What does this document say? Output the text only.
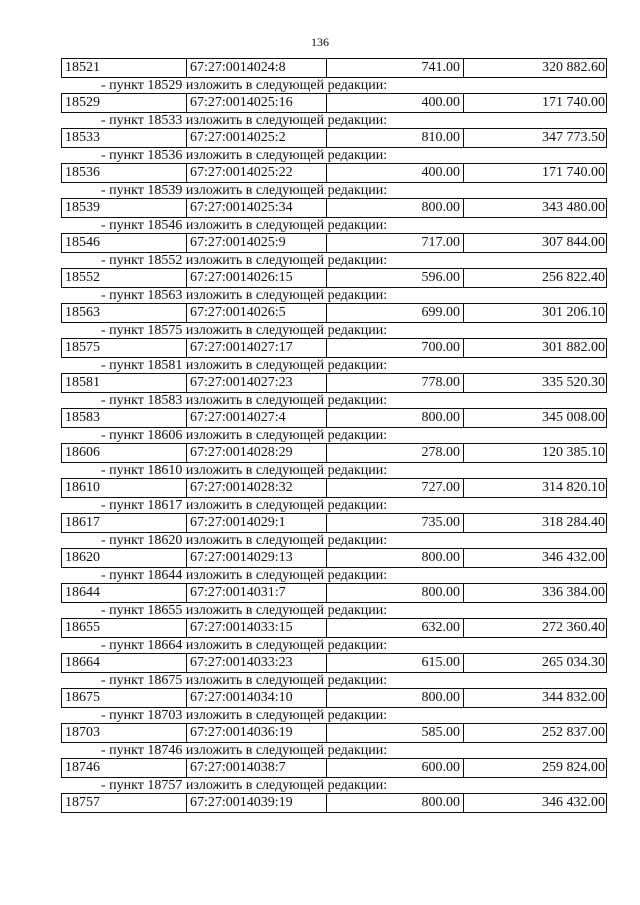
136
18521	67:27:0014024:8	741.00	320 882.60
- пункт 18529 изложить в следующей редакции:
18529	67:27:0014025:16	400.00	171 740.00
- пункт 18533 изложить в следующей редакции:
18533	67:27:0014025:2	810.00	347 773.50
- пункт 18536 изложить в следующей редакции:
18536	67:27:0014025:22	400.00	171 740.00
- пункт 18539 изложить в следующей редакции:
18539	67:27:0014025:34	800.00	343 480.00
- пункт 18546 изложить в следующей редакции:
18546	67:27:0014025:9	717.00	307 844.00
- пункт 18552 изложить в следующей редакции:
18552	67:27:0014026:15	596.00	256 822.40
- пункт 18563 изложить в следующей редакции:
18563	67:27:0014026:5	699.00	301 206.10
- пункт 18575 изложить в следующей редакции:
18575	67:27:0014027:17	700.00	301 882.00
- пункт 18581 изложить в следующей редакции:
18581	67:27:0014027:23	778.00	335 520.30
- пункт 18583 изложить в следующей редакции:
18583	67:27:0014027:4	800.00	345 008.00
- пункт 18606 изложить в следующей редакции:
18606	67:27:0014028:29	278.00	120 385.10
- пункт 18610 изложить в следующей редакции:
18610	67:27:0014028:32	727.00	314 820.10
- пункт 18617 изложить в следующей редакции:
18617	67:27:0014029:1	735.00	318 284.40
- пункт 18620 изложить в следующей редакции:
18620	67:27:0014029:13	800.00	346 432.00
- пункт 18644 изложить в следующей редакции:
18644	67:27:0014031:7	800.00	336 384.00
- пункт 18655 изложить в следующей редакции:
18655	67:27:0014033:15	632.00	272 360.40
- пункт 18664 изложить в следующей редакции:
18664	67:27:0014033:23	615.00	265 034.30
- пункт 18675 изложить в следующей редакции:
18675	67:27:0014034:10	800.00	344 832.00
- пункт 18703 изложить в следующей редакции:
18703	67:27:0014036:19	585.00	252 837.00
- пункт 18746 изложить в следующей редакции:
18746	67:27:0014038:7	600.00	259 824.00
- пункт 18757 изложить в следующей редакции:
18757	67:27:0014039:19	800.00	346 432.00
